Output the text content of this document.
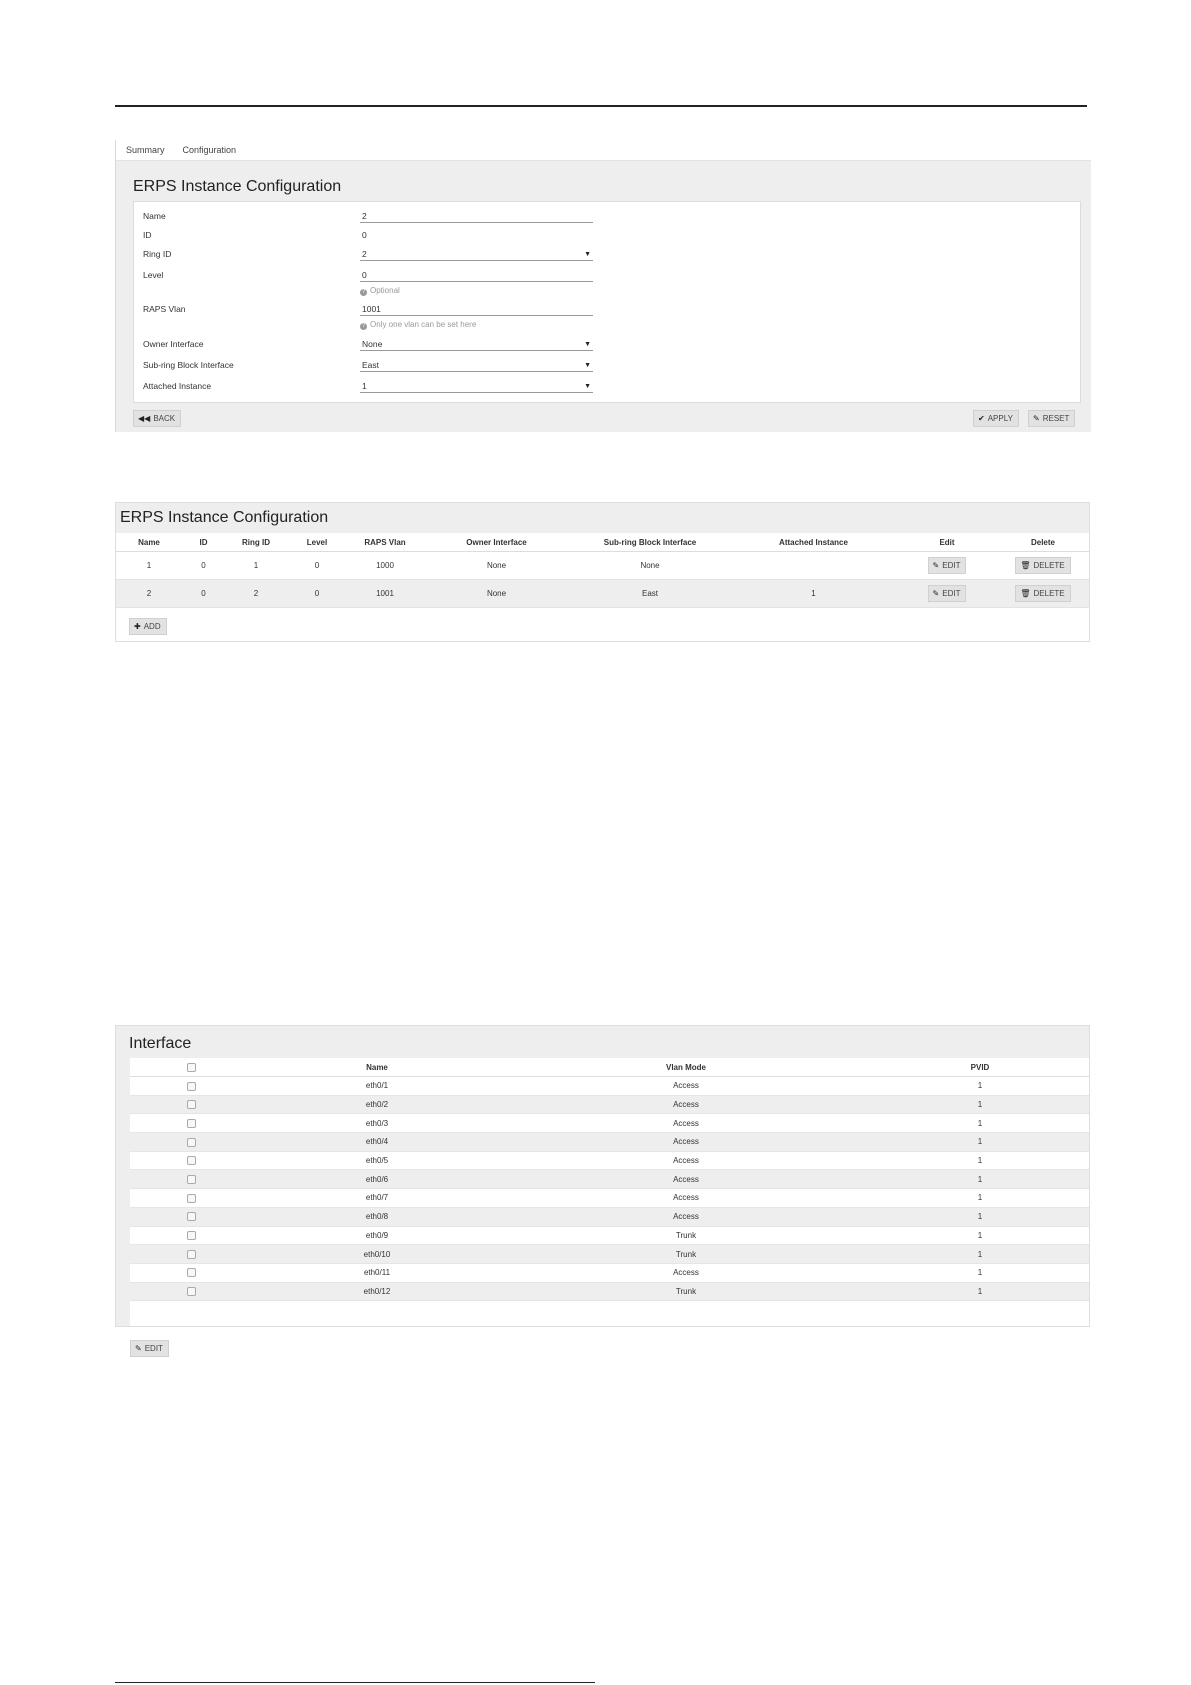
Summary Configuration
ERPS Instance Configuration
Name	2
ID	0
Ring ID	2	▼
Level	0
? Optional
RAPS Vlan	1001
? Only one vlan can be set here
Owner Interface	None	▼
Sub-ring Block Interface	East	▼
Attached Instance	1	▼
◀◀ BACK	✔ APPLY	✎ RESET
ERPS Instance Configuration
Name	ID	Ring ID	Level	RAPS Vlan	Owner Interface	Sub-ring Block Interface	Attached Instance	Edit	Delete
1	0	1	0	1000	None	None		✎ EDIT	🗑 DELETE
2	0	2	0	1001	None	East	1	✎ EDIT	🗑 DELETE
✚ ADD
Interface
	Name	Vlan Mode	PVID
	eth0/1	Access	1
	eth0/2	Access	1
	eth0/3	Access	1
	eth0/4	Access	1
	eth0/5	Access	1
	eth0/6	Access	1
	eth0/7	Access	1
	eth0/8	Access	1
	eth0/9	Trunk	1
	eth0/10	Trunk	1
	eth0/11	Access	1
	eth0/12	Trunk	1
✎ EDIT
